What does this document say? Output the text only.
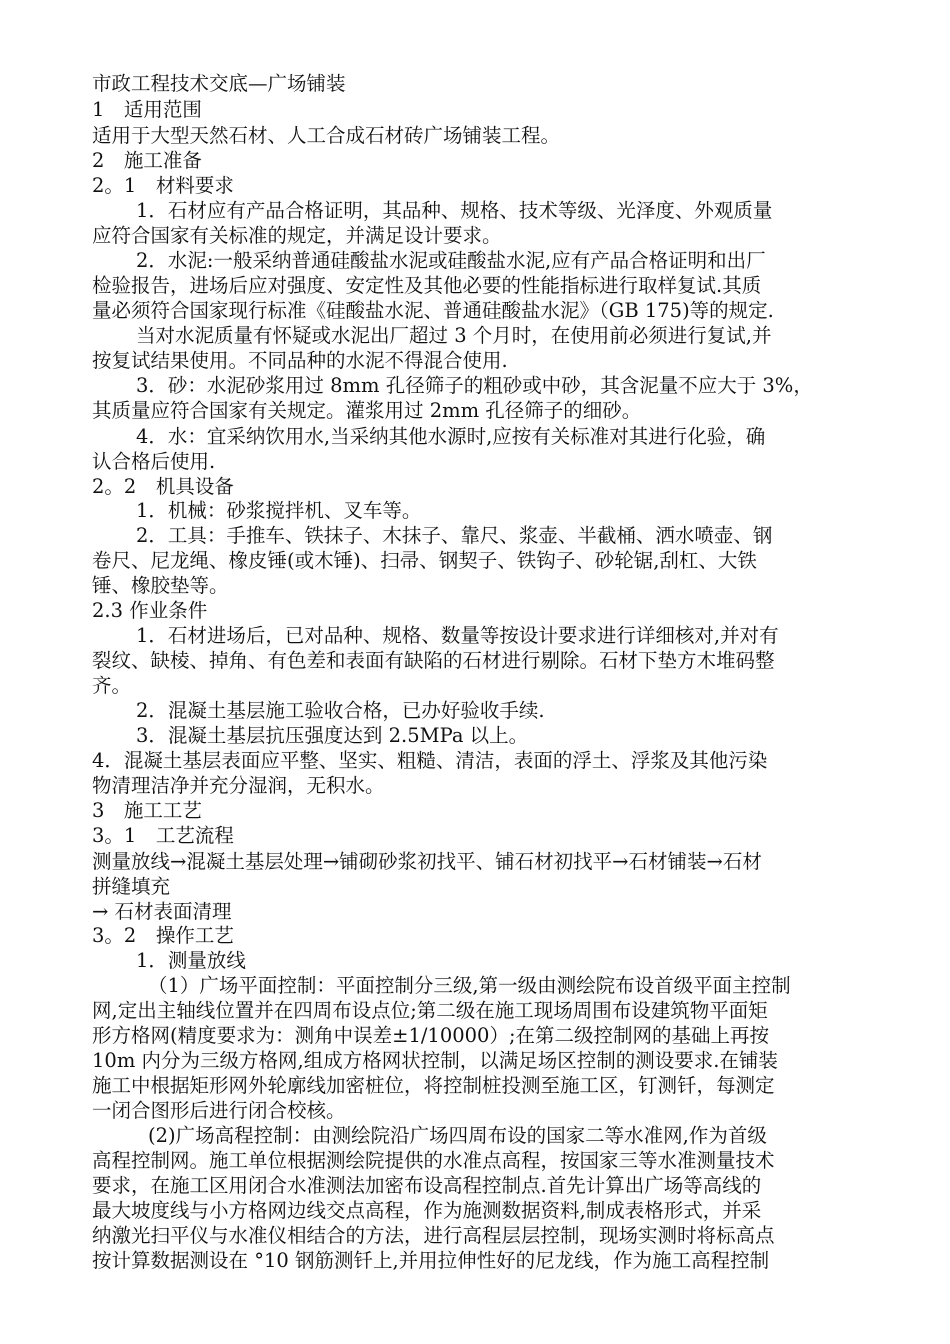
市政工程技术交底—广场铺装
1　适用范围
适用于大型天然石材、人工合成石材砖广场铺装工程。
2　施工准备
2。1　材料要求
1．石材应有产品合格证明，其品种、规格、技术等级、光泽度、外观质量
应符合国家有关标准的规定，并满足设计要求。
2．水泥:一般采纳普通硅酸盐水泥或硅酸盐水泥,应有产品合格证明和出厂
检验报告，进场后应对强度、安定性及其他必要的性能指标进行取样复试.其质
量必须符合国家现行标准《硅酸盐水泥、普通硅酸盐水泥》（GB 175)等的规定.
当对水泥质量有怀疑或水泥出厂超过 3 个月时，在使用前必须进行复试,并
按复试结果使用。不同品种的水泥不得混合使用.
3．砂：水泥砂浆用过 8mm 孔径筛子的粗砂或中砂，其含泥量不应大于 3%，
其质量应符合国家有关规定。灌浆用过 2mm 孔径筛子的细砂。
4．水：宜采纳饮用水,当采纳其他水源时,应按有关标准对其进行化验，确
认合格后使用.
2。2　机具设备
1．机械：砂浆搅拌机、叉车等。
2．工具：手推车、铁抹子、木抹子、靠尺、浆壶、半截桶、洒水喷壶、钢
卷尺、尼龙绳、橡皮锤(或木锤)、扫帚、钢契子、铁钩子、砂轮锯,刮杠、大铁
锤、橡胶垫等。
2.3 作业条件
1．石材进场后，已对品种、规格、数量等按设计要求进行详细核对,并对有
裂纹、缺棱、掉角、有色差和表面有缺陷的石材进行剔除。石材下垫方木堆码整
齐。
2．混凝土基层施工验收合格，已办好验收手续.
3．混凝土基层抗压强度达到 2.5MPa 以上。
4．混凝土基层表面应平整、坚实、粗糙、清洁，表面的浮土、浮浆及其他污染
物清理洁净并充分湿润，无积水。
3　施工工艺
3。1　工艺流程
测量放线→混凝土基层处理→铺砌砂浆初找平、铺石材初找平→石材铺装→石材
拼缝填充
→ 石材表面清理
3。2　操作工艺
1．测量放线
（1）广场平面控制：平面控制分三级,第一级由测绘院布设首级平面主控制
网,定出主轴线位置并在四周布设点位;第二级在施工现场周围布设建筑物平面矩
形方格网(精度要求为：测角中误差±1/10000）;在第二级控制网的基础上再按
10m 内分为三级方格网,组成方格网状控制，以满足场区控制的测设要求.在铺装
施工中根据矩形网外轮廓线加密桩位，将控制桩投测至施工区，钉测钎，每测定
一闭合图形后进行闭合校核。
(2)广场高程控制：由测绘院沿广场四周布设的国家二等水准网,作为首级
高程控制网。施工单位根据测绘院提供的水准点高程，按国家三等水准测量技术
要求，在施工区用闭合水准测法加密布设高程控制点.首先计算出广场等高线的
最大坡度线与小方格网边线交点高程，作为施测数据资料,制成表格形式，并采
纳激光扫平仪与水准仪相结合的方法，进行高程层层控制，现场实测时将标高点
按计算数据测设在 °10 钢筋测钎上,并用拉伸性好的尼龙线，作为施工高程控制
